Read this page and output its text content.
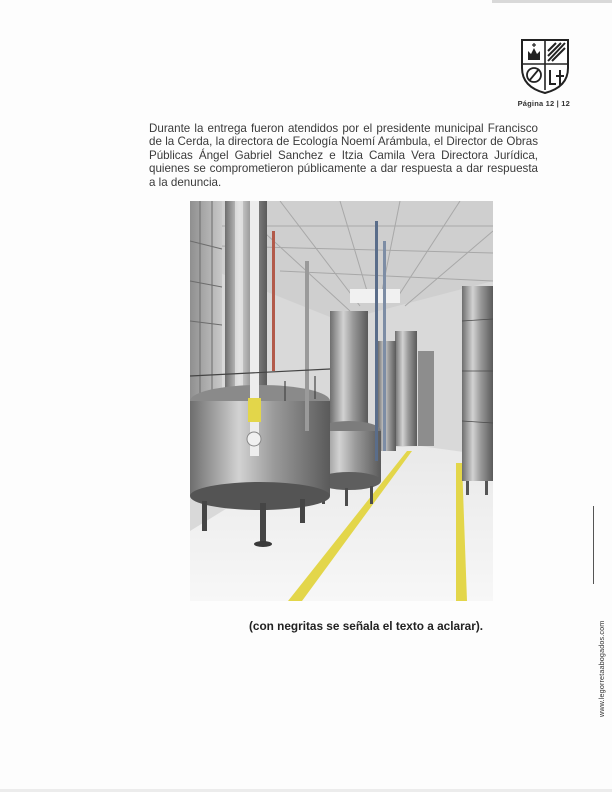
Página 12 | 12

Durante la entrega fueron atendidos por el presidente municipal Francisco de la Cerda, la directora de Ecología Noemí Arámbula, el Director de Obras Públicas Ángel Gabriel Sanchez e Itzia Camila Vera Directora Jurídica, quienes se comprometieron públicamente a dar respuesta a dar respuesta a la denuncia.

(con negritas se señala el texto a aclarar).	www.legorretaabogados.com
